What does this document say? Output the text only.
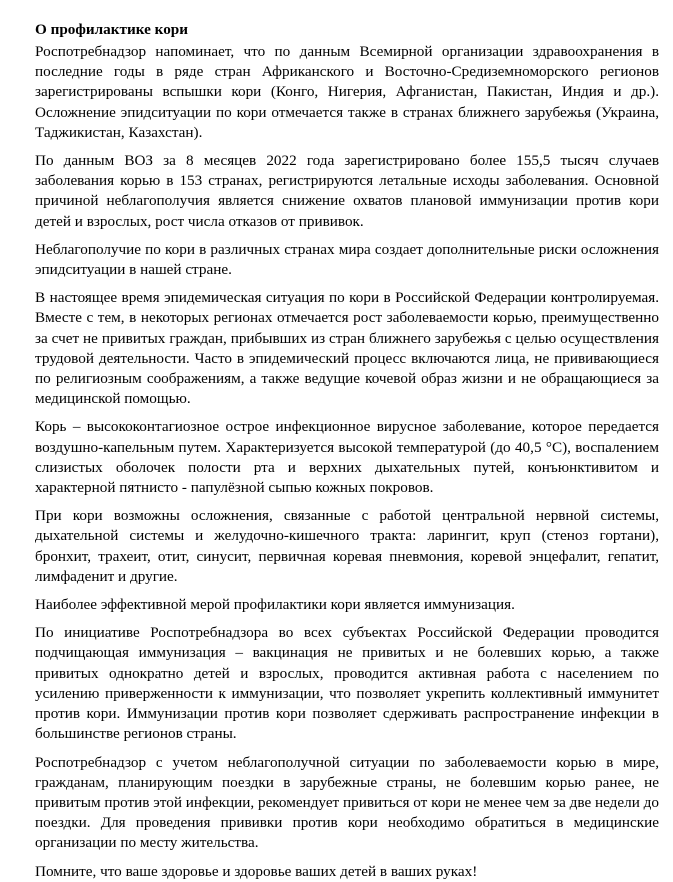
О профилактике кори

Роспотребнадзор напоминает, что по данным Всемирной организации здравоохранения в последние годы в ряде стран Африканского и Восточно-Средиземноморского регионов зарегистрированы вспышки кори (Конго, Нигерия, Афганистан, Пакистан, Индия и др.). Осложнение эпидситуации по кори отмечается также в странах ближнего зарубежья (Украина, Таджикистан, Казахстан).

По данным ВОЗ за 8 месяцев 2022 года зарегистрировано более 155,5 тысяч случаев заболевания корью в 153 странах, регистрируются летальные исходы заболевания. Основной причиной неблагополучия является снижение охватов плановой иммунизации против кори детей и взрослых, рост числа отказов от прививок.

Неблагополучие по кори в различных странах мира создает дополнительные риски осложнения эпидситуации в нашей стране.

В настоящее время эпидемическая ситуация по кори в Российской Федерации контролируемая. Вместе с тем, в некоторых регионах отмечается рост заболеваемости корью, преимущественно за счет не привитых граждан, прибывших из стран ближнего зарубежья с целью осуществления трудовой деятельности. Часто в эпидемический процесс включаются лица, не прививающиеся по религиозным соображениям, а также ведущие кочевой образ жизни и не обращающиеся за медицинской помощью.

Корь – высококонтагиозное острое инфекционное вирусное заболевание, которое передается воздушно-капельным путем. Характеризуется высокой температурой (до 40,5 °С), воспалением слизистых оболочек полости рта и верхних дыхательных путей, конъюнктивитом и характерной пятнисто - папулёзной сыпью кожных покровов.

При кори возможны осложнения, связанные с работой центральной нервной системы, дыхательной системы и желудочно-кишечного тракта: ларингит, круп (стеноз гортани), бронхит, трахеит, отит, синусит, первичная коревая пневмония, коревой энцефалит, гепатит, лимфаденит и другие.

Наиболее эффективной мерой профилактики кори является иммунизация.

По инициативе Роспотребнадзора во всех субъектах Российской Федерации проводится подчищающая иммунизация – вакцинация не привитых и не болевших корью, а также привитых однократно детей и взрослых, проводится активная работа с населением по усилению приверженности к иммунизации, что позволяет укрепить коллективный иммунитет против кори. Иммунизации против кори позволяет сдерживать распространение инфекции в большинстве регионов страны.

Роспотребнадзор с учетом неблагополучной ситуации по заболеваемости корью в мире, гражданам, планирующим поездки в зарубежные страны, не болевшим корью ранее, не привитым против этой инфекции, рекомендует привиться от кори не менее чем за две недели до поездки. Для проведения прививки против кори необходимо обратиться в медицинские организации по месту жительства.

Помните, что ваше здоровье и здоровье ваших детей в ваших руках!
